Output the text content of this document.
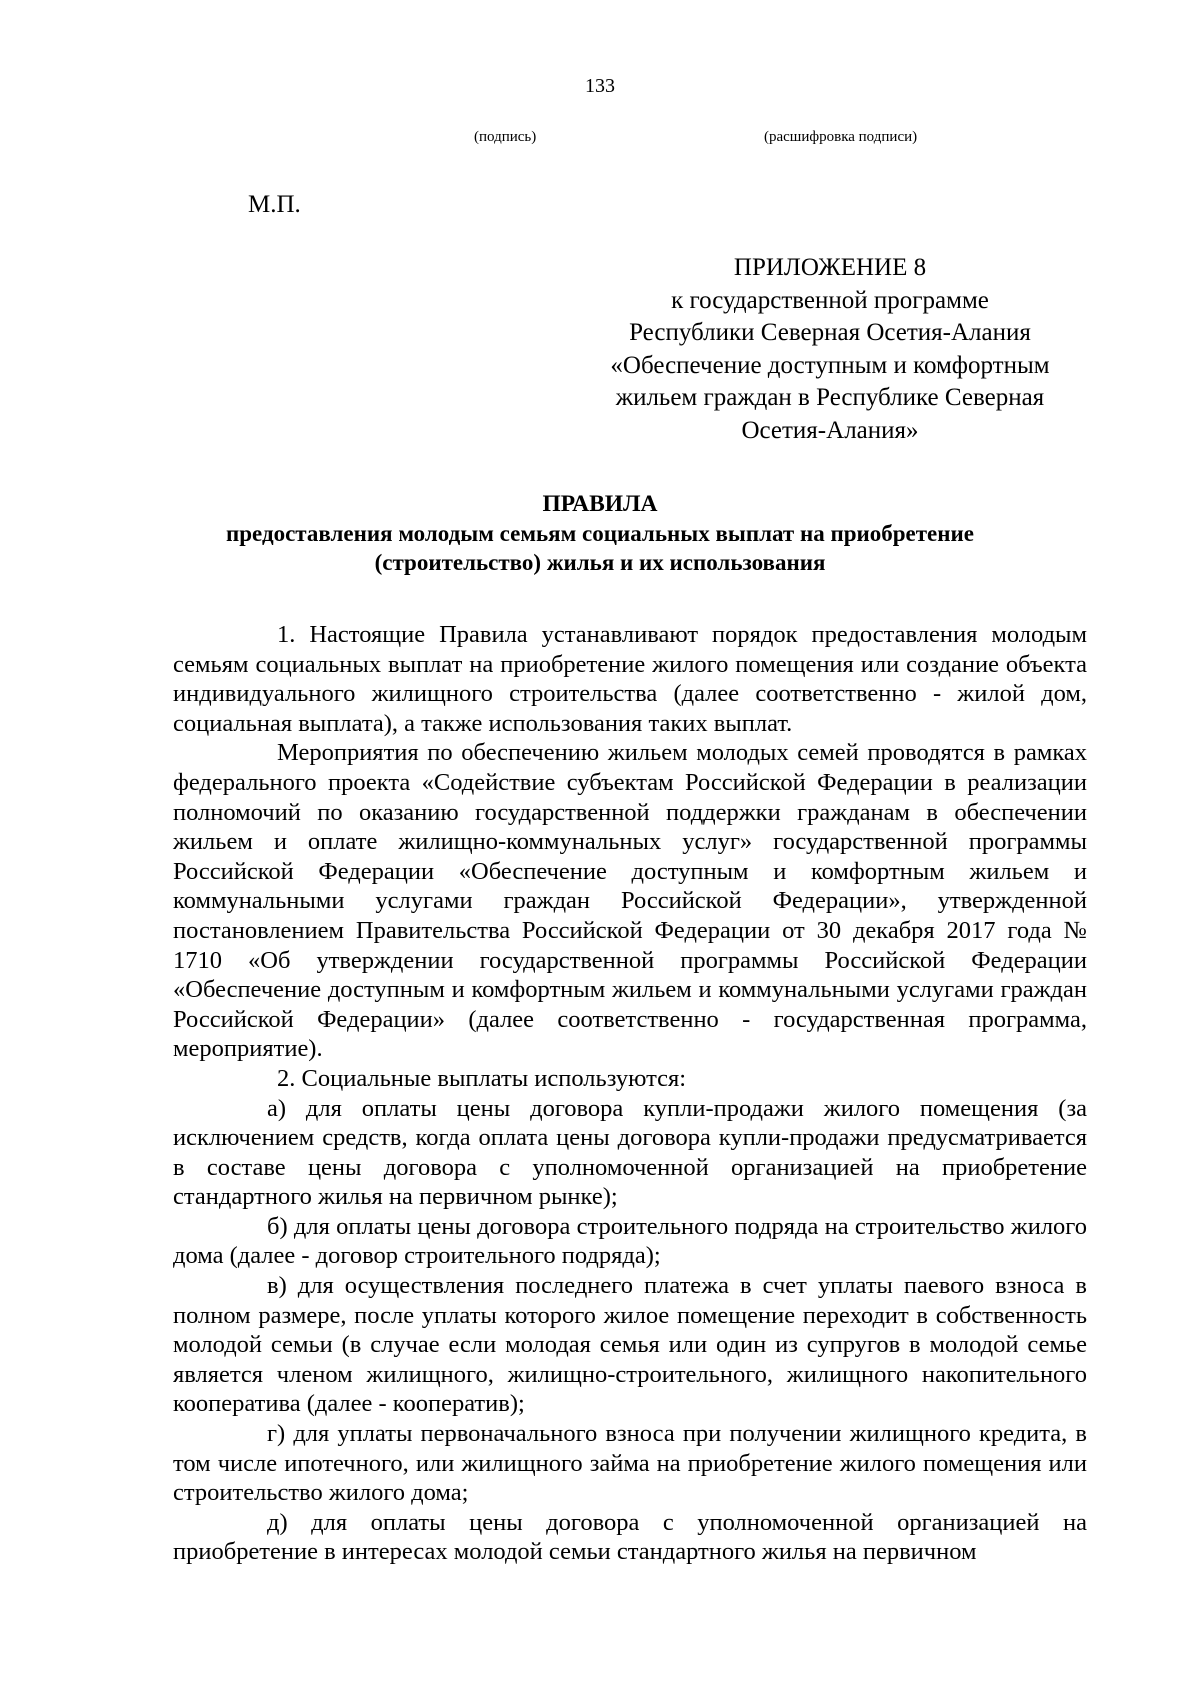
133
(подпись)	(расшифровка подписи)
М.П.
ПРИЛОЖЕНИЕ 8
к государственной программе
Республики Северная Осетия-Алания
«Обеспечение доступным и комфортным
жильем граждан в Республике Северная
Осетия-Алания»
ПРАВИЛА
предоставления молодым семьям социальных выплат на приобретение
(строительство) жилья и их использования

1. Настоящие Правила устанавливают порядок предоставления молодым семьям социальных выплат на приобретение жилого помещения или создание объекта индивидуального жилищного строительства (далее соответственно - жилой дом, социальная выплата), а также использования таких выплат.

Мероприятия по обеспечению жильем молодых семей проводятся в рамках федерального проекта «Содействие субъектам Российской Федерации в реализации полномочий по оказанию государственной поддержки гражданам в обеспечении жильем и оплате жилищно-коммунальных услуг» государственной программы Российской Федерации «Обеспечение доступным и комфортным жильем и коммунальными услугами граждан Российской Федерации», утвержденной постановлением Правительства Российской Федерации от 30 декабря 2017 года № 1710 «Об утверждении государственной программы Российской Федерации «Обеспечение доступным и комфортным жильем и коммунальными услугами граждан Российской Федерации» (далее соответственно - государственная программа, мероприятие).

2. Социальные выплаты используются:

а) для оплаты цены договора купли-продажи жилого помещения (за исключением средств, когда оплата цены договора купли-продажи предусматривается в составе цены договора с уполномоченной организацией на приобретение стандартного жилья на первичном рынке);

б) для оплаты цены договора строительного подряда на строительство жилого дома (далее - договор строительного подряда);

в) для осуществления последнего платежа в счет уплаты паевого взноса в полном размере, после уплаты которого жилое помещение переходит в собственность молодой семьи (в случае если молодая семья или один из супругов в молодой семье является членом жилищного, жилищно-строительного, жилищного накопительного кооператива (далее - кооператив);

г) для уплаты первоначального взноса при получении жилищного кредита, в том числе ипотечного, или жилищного займа на приобретение жилого помещения или строительство жилого дома;

д) для оплаты цены договора с уполномоченной организацией на приобретение в интересах молодой семьи стандартного жилья на первичном
